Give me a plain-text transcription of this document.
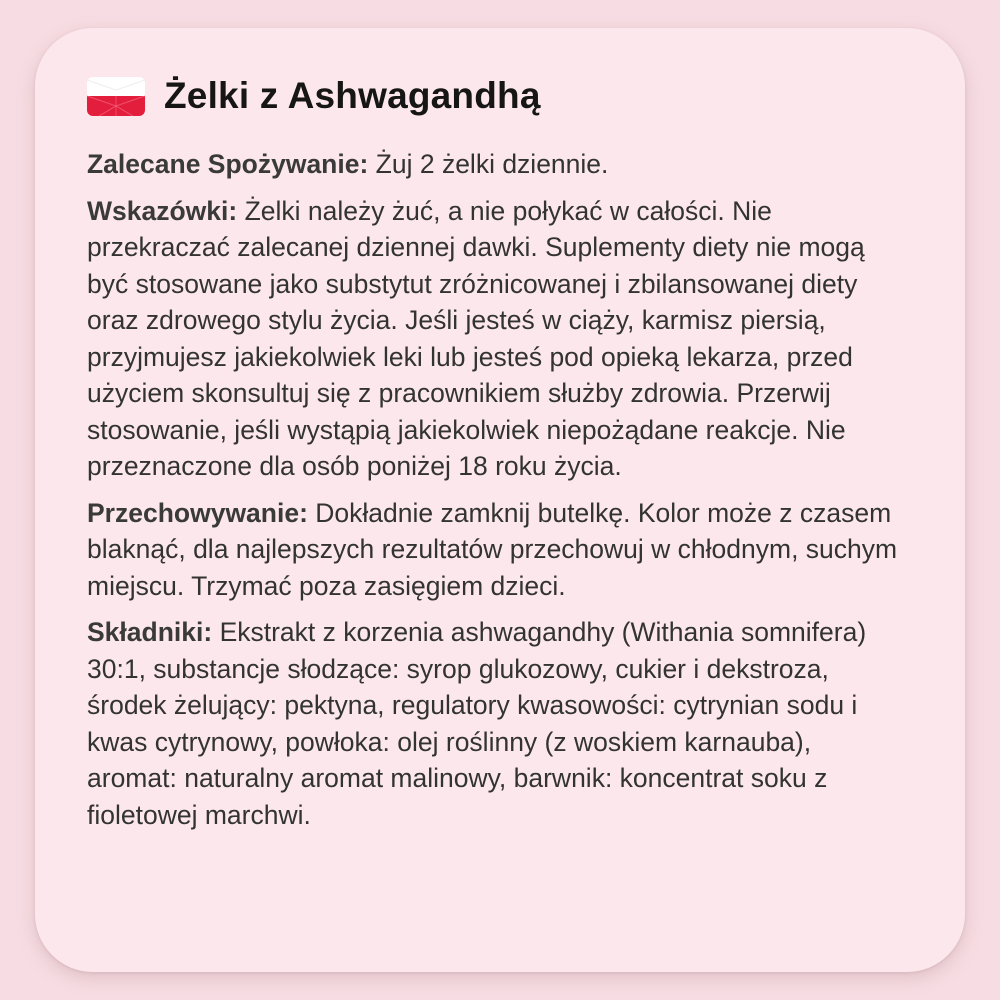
Żelki z Ashwagandhą

Zalecane Spożywanie: Żuj 2 żelki dziennie.

Wskazówki: Żelki należy żuć, a nie połykać w całości. Nie przekraczać zalecanej dziennej dawki. Suplementy diety nie mogą być stosowane jako substytut zróżnicowanej i zbilansowanej diety oraz zdrowego stylu życia. Jeśli jesteś w ciąży, karmisz piersią, przyjmujesz jakiekolwiek leki lub jesteś pod opieką lekarza, przed użyciem skonsultuj się z pracownikiem służby zdrowia. Przerwij stosowanie, jeśli wystąpią jakiekolwiek niepożądane reakcje. Nie przeznaczone dla osób poniżej 18 roku życia.

Przechowywanie: Dokładnie zamknij butelkę. Kolor może z czasem blaknąć, dla najlepszych rezultatów przechowuj w chłodnym, suchym miejscu. Trzymać poza zasięgiem dzieci.

Składniki: Ekstrakt z korzenia ashwagandhy (Withania somnifera) 30:1, substancje słodzące: syrop glukozowy, cukier i dekstroza, środek żelujący: pektyna, regulatory kwasowości: cytrynian sodu i kwas cytrynowy, powłoka: olej roślinny (z woskiem karnauba), aromat: naturalny aromat malinowy, barwnik: koncentrat soku z fioletowej marchwi.
